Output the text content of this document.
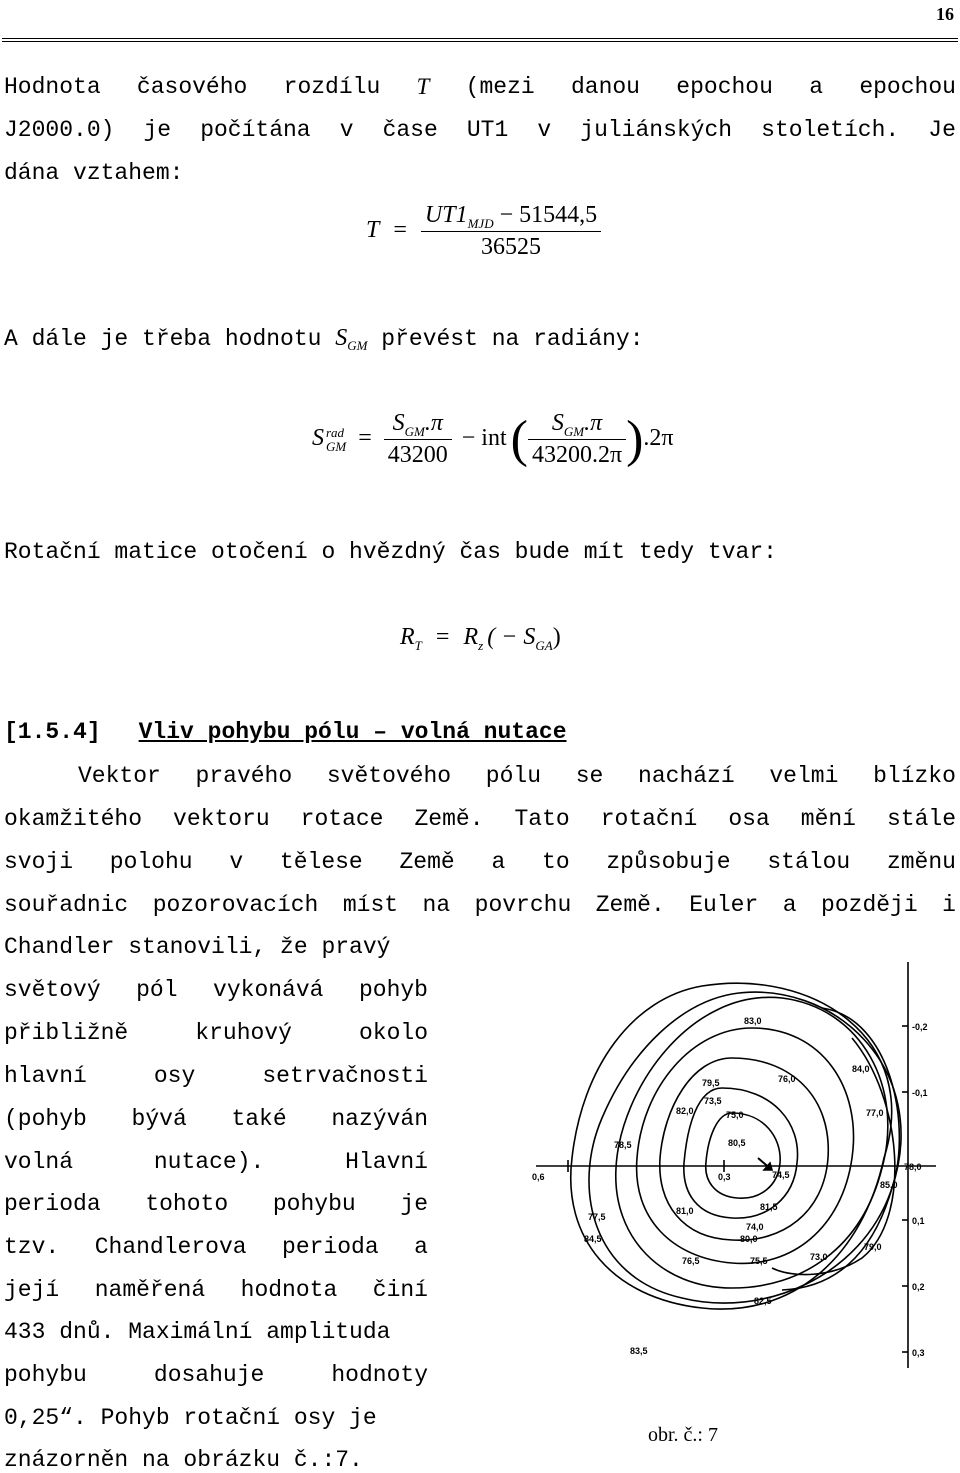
16
Hodnota časového rozdílu T (mezi danou epochou a epochou
J2000.0) je počítána v čase UT1 v juliánských stoletích. Je
dána vztahem:
$T = \frac{UT1_{MJD} - 51544,5}{36525}$
A dále je třeba hodnotu $S_{GM}$ převést na radiány:
S rad
GM = $\frac{S_{GM}.\pi}{43200} - int( \frac{S_{GM}.\pi}{43200.2\pi} ).2\pi$
Rotační matice otočení o hvězdný čas bude mít tedy tvar:
$R_T = R_z$ ( − $S_{GA}$)
[1.5.4] Vliv pohybu pólu – volná nutace
Vektor pravého světového pólu se nachází velmi blízko
okamžitého vektoru rotace Země. Tato rotační osa mění stále
svoji polohu v tělese Země a to způsobuje stálou změnu
souřadnic pozorovacích míst na povrchu Země. Euler a později i
Chandler stanovili, že pravý
světový pól vykonává pohyb
přibližně	kruhový	okolo
hlavní	osy	setrvačnosti
(pohyb bývá také nazýván
volná	nutace).	Hlavní
perioda tohoto pohybu je
tzv. Chandlerova perioda a
její naměřená hodnota činí
433 dnů. Maximální amplituda
pohybu	dosahuje	hodnoty
0,25“. Pohyb rotační osy je
znázorněn na obrázku č.:7.
-0,2
-0,1
0,1
0,2
0,3
0,6	0,3
83,0
84,0
79,5	76,0
73,5
82,0	77,0
75,0
78,5	80,5
74,5
78,0
85,0
81,5
77,5
81,0
74,0
80,0
84,5
76,5	75,5	73,0
79,0
82,5
83,5
obr. č.: 7
